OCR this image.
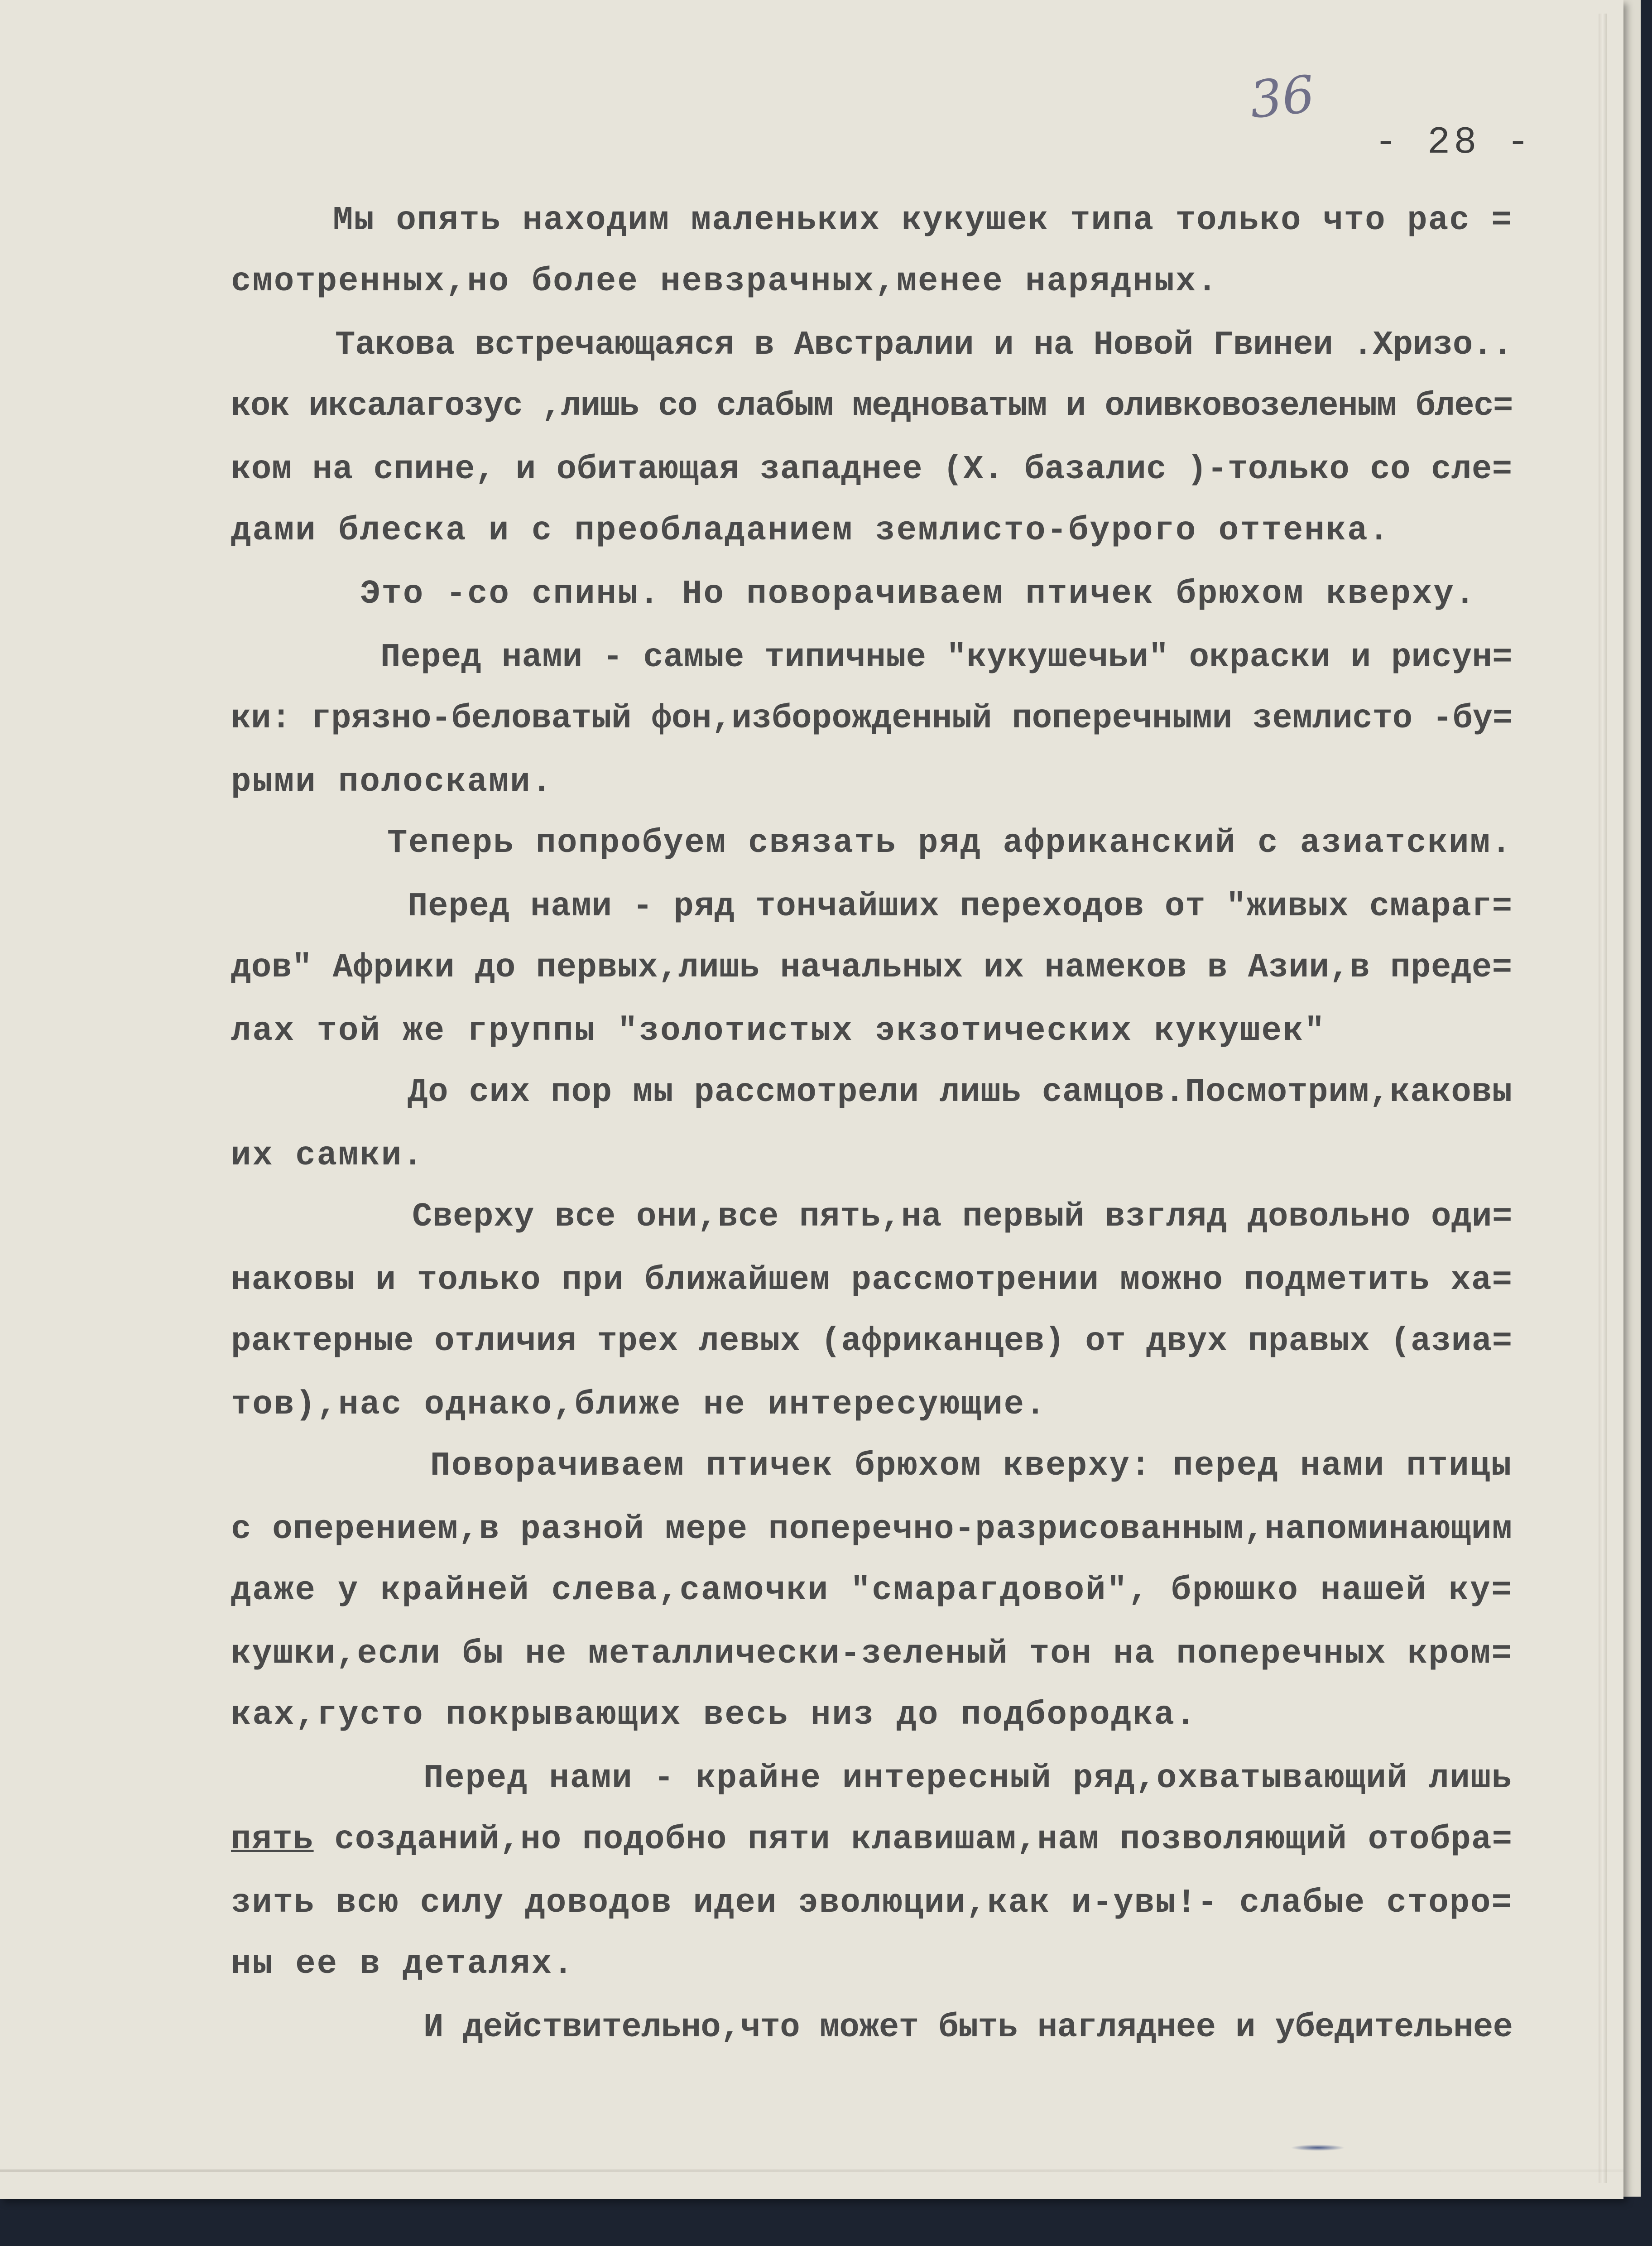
36
- 28 -

Мы опять находим маленьких кукушек типа только что рас =

смотренных,но более невзрачных,менее нарядных.

Такова встречающаяся в Австралии и на Новой Гвинеи .Хризо..

кок иксалагозус ,лишь со слабым медноватым и оливковозеленым блес=

ком на спине, и обитающая западнее (Х. базалис )-только со сле=

дами блеска и с преобладанием землисто-бурого оттенка.

Это -со спины. Но поворачиваем птичек брюхом кверху.

Перед нами - самые типичные "кукушечьи" окраски и рисун=

ки: грязно-беловатый фон,изборожденный поперечными землисто -бу=

рыми полосками.

Теперь попробуем связать ряд африканский с азиатским.

Перед нами - ряд тончайших переходов от "живых смараг=

дов" Африки до первых,лишь начальных их намеков в Азии,в преде=

лах той же группы "золотистых экзотических кукушек"

До сих пор мы рассмотрели лишь самцов.Посмотрим,каковы

их самки.

Сверху все они,все пять,на первый взгляд довольно оди=

наковы и только при ближайшем рассмотрении можно подметить ха=

рактерные отличия трех левых (африканцев) от двух правых (азиа=

тов),нас однако,ближе не интересующие.

Поворачиваем птичек брюхом кверху: перед нами птицы

с оперением,в разной мере поперечно-разрисованным,напоминающим

даже у крайней слева,самочки "смарагдовой", брюшко нашей ку=

кушки,если бы не металлически-зеленый тон на поперечных кром=

ках,густо покрывающих весь низ до подбородка.

Перед нами - крайне интересный ряд,охватывающий лишь

пять созданий,но подобно пяти клавишам,нам позволяющий отобра=

зить всю силу доводов идеи эволюции,как и-увы!- слабые сторо=

ны ее в деталях.

И действительно,что может быть нагляднее и убедительнее
